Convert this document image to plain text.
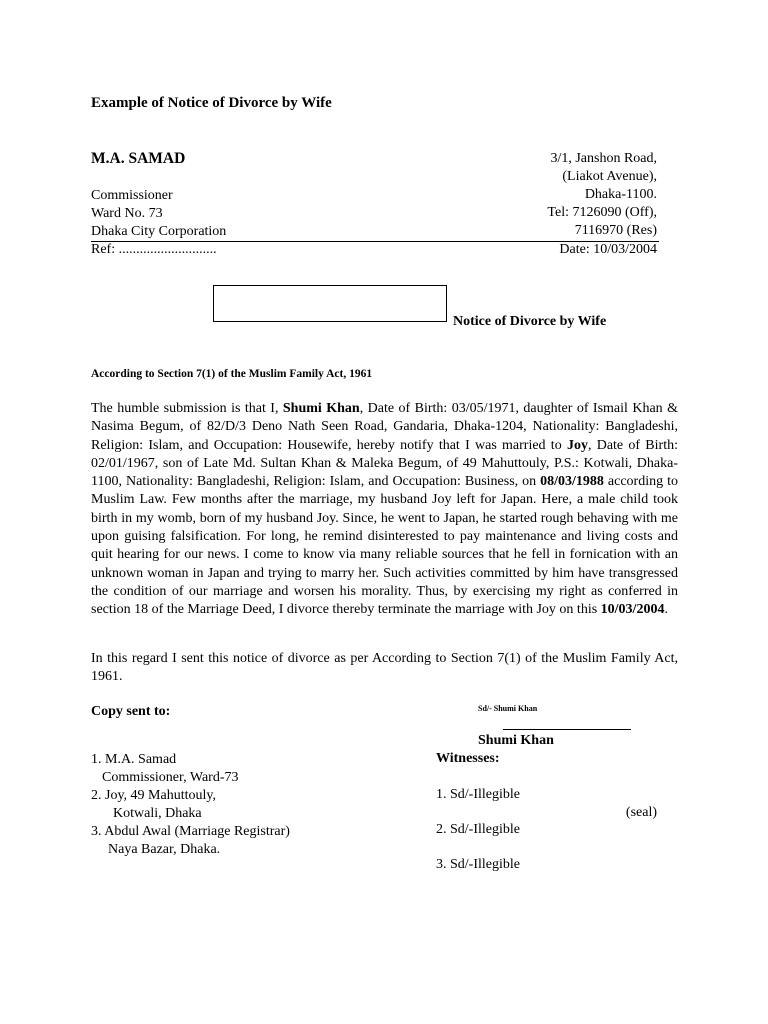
Example of Notice of Divorce by Wife
M.A. SAMAD
Commissioner
Ward No. 73
Dhaka City Corporation
3/1, Janshon Road,
(Liakot Avenue),
Dhaka-1100.
Tel: 7126090 (Off),
7116970 (Res)
Ref: ............................	Date: 10/03/2004
Notice of Divorce by Wife
According to Section 7(1) of the Muslim Family Act, 1961
The humble submission is that I, Shumi Khan, Date of Birth: 03/05/1971, daughter of Ismail Khan & Nasima Begum, of 82/D/3 Deno Nath Seen Road, Gandaria, Dhaka-1204, Nationality: Bangladeshi, Religion: Islam, and Occupation: Housewife, hereby notify that I was married to Joy, Date of Birth: 02/01/1967, son of Late Md. Sultan Khan & Maleka Begum, of 49 Mahuttouly, P.S.: Kotwali, Dhaka-1100, Nationality: Bangladeshi, Religion: Islam, and Occupation: Business, on 08/03/1988 according to Muslim Law. Few months after the marriage, my husband Joy left for Japan. Here, a male child took birth in my womb, born of my husband Joy. Since, he went to Japan, he started rough behaving with me upon guising falsification. For long, he remind disinterested to pay maintenance and living costs and quit hearing for our news. I come to know via many reliable sources that he fell in fornication with an unknown woman in Japan and trying to marry her. Such activities committed by him have transgressed the condition of our marriage and worsen his morality. Thus, by exercising my right as conferred in section 18 of the Marriage Deed, I divorce thereby terminate the marriage with Joy on this 10/03/2004.
In this regard I sent this notice of divorce as per According to Section 7(1) of the Muslim Family Act, 1961.
Copy sent to:	Sd/- Shumi Khan
Shumi Khan
Witnesses:
1. M.A. Samad
Commissioner, Ward-73
2. Joy, 49 Mahuttouly,
Kotwali, Dhaka
3. Abdul Awal (Marriage Registrar)
Naya Bazar, Dhaka.
1. Sd/-Illegible
2. Sd/-Illegible
3. Sd/-Illegible
(seal)
